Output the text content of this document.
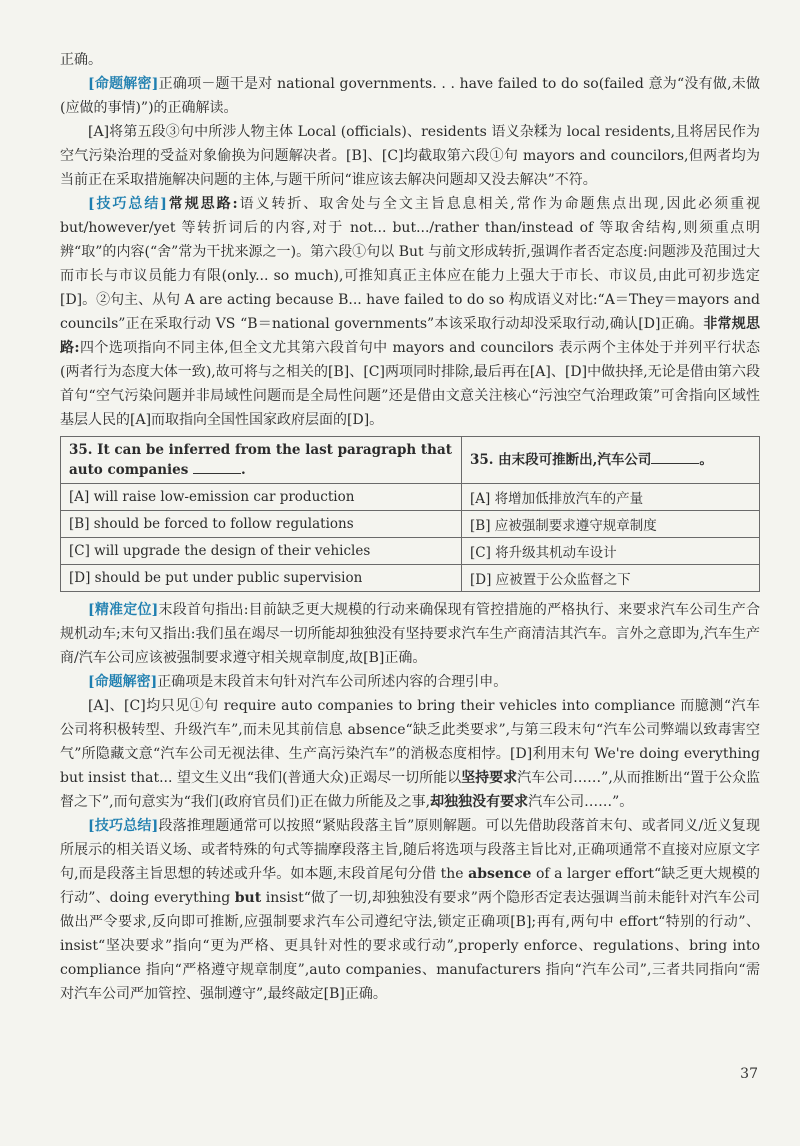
正确。

[命题解密]正确项－题干是对 national governments. . . have failed to do so(failed 意为“没有做,未做(应做的事情)”)的正确解读。

[A]将第五段③句中所涉人物主体 Local (officials)、residents 语义杂糅为 local residents,且将居民作为空气污染治理的受益对象偷换为问题解决者。[B]、[C]均截取第六段①句 mayors and councilors,但两者均为当前正在采取措施解决问题的主体,与题干所问“谁应该去解决问题却又没去解决”不符。

[技巧总结]常规思路:语义转折、取舍处与全文主旨息息相关,常作为命题焦点出现,因此必须重视 but/however/yet 等转折词后的内容,对于 not... but.../rather than/instead of 等取舍结构,则须重点明辨“取”的内容(“舍”常为干扰来源之一)。第六段①句以 But 与前文形成转折,强调作者否定态度:问题涉及范围过大而市长与市议员能力有限(only... so much),可推知真正主体应在能力上强大于市长、市议员,由此可初步选定[D]。②句主、从句 A are acting because B... have failed to do so 构成语义对比:“A＝They＝mayors and councils”正在采取行动 VS “B＝national governments”本该采取行动却没采取行动,确认[D]正确。非常规思路:四个选项指向不同主体,但全文尤其第六段首句中 mayors and councilors 表示两个主体处于并列平行状态(两者行为态度大体一致),故可将与之相关的[B]、[C]两项同时排除,最后再在[A]、[D]中做抉择,无论是借由第六段首句“空气污染问题并非局域性问题而是全局性问题”还是借由文意关注核心“污浊空气治理政策”可舍指向区域性基层人民的[A]而取指向全国性国家政府层面的[D]。

35. It can be inferred from the last paragraph that auto companies .	35. 由末段可推断出,汽车公司 。
[A] will raise low-emission car production	[A] 将增加低排放汽车的产量
[B] should be forced to follow regulations	[B] 应被强制要求遵守规章制度
[C] will upgrade the design of their vehicles	[C] 将升级其机动车设计
[D] should be put under public supervision	[D] 应被置于公众监督之下

[精准定位]末段首句指出:目前缺乏更大规模的行动来确保现有管控措施的严格执行、来要求汽车公司生产合规机动车;末句又指出:我们虽在竭尽一切所能却独独没有坚持要求汽车生产商清洁其汽车。言外之意即为,汽车生产商/汽车公司应该被强制要求遵守相关规章制度,故[B]正确。

[命题解密]正确项是末段首末句针对汽车公司所述内容的合理引申。

[A]、[C]均只见①句 require auto companies to bring their vehicles into compliance 而臆测“汽车公司将积极转型、升级汽车”,而未见其前信息 absence“缺乏此类要求”,与第三段末句“汽车公司弊端以致毒害空气”所隐藏文意“汽车公司无视法律、生产高污染汽车”的消极态度相悖。[D]利用末句 We're doing everything but insist that... 望文生义出“我们(普通大众)正竭尽一切所能以坚持要求汽车公司……”,从而推断出“置于公众监督之下”,而句意实为“我们(政府官员们)正在做力所能及之事,却独独没有要求汽车公司……”。

[技巧总结]段落推理题通常可以按照“紧贴段落主旨”原则解题。可以先借助段落首末句、或者同义/近义复现所展示的相关语义场、或者特殊的句式等揣摩段落主旨,随后将选项与段落主旨比对,正确项通常不直接对应原文字句,而是段落主旨思想的转述或升华。如本题,末段首尾句分借 the absence of a larger effort“缺乏更大规模的行动”、doing everything but insist“做了一切,却独独没有要求”两个隐形否定表达强调当前未能针对汽车公司做出严令要求,反向即可推断,应强制要求汽车公司遵纪守法,锁定正确项[B];再有,两句中 effort“特别的行动”、insist“坚决要求”指向“更为严格、更具针对性的要求或行动”,properly enforce、regulations、bring into compliance 指向“严格遵守规章制度”,auto companies、manufacturers 指向“汽车公司”,三者共同指向“需对汽车公司严加管控、强制遵守”,最终敲定[B]正确。

37
